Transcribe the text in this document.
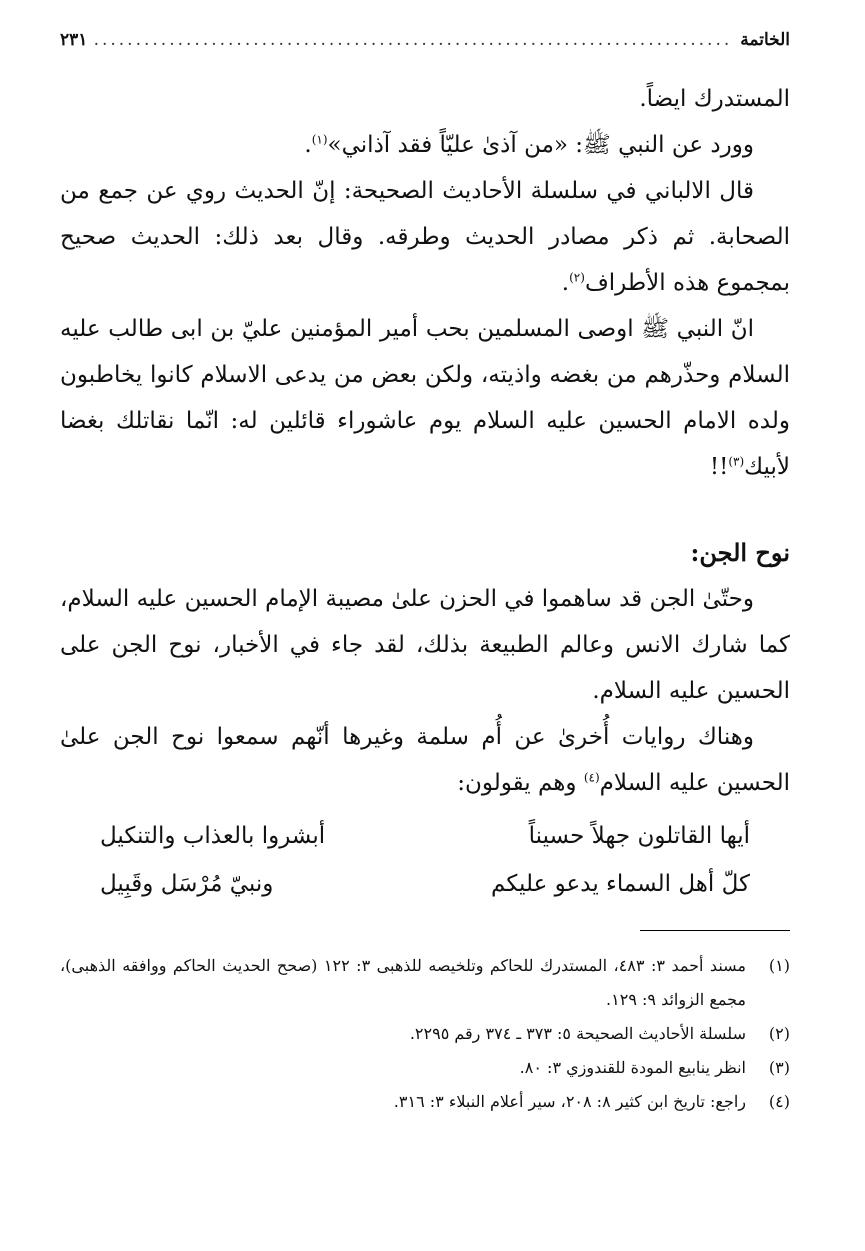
الخاتمة
.....
٢٣١

المستدرك ايضاً.

وورد عن النبي ﷺ: «من آذىٰ عليّاً فقد آذاني»$^{(١)}$.

قال الالباني في سلسلة الأحاديث الصحيحة: إنّ الحديث روي عن جمع من الصحابة. ثم ذكر مصادر الحديث وطرقه. وقال بعد ذلك: الحديث صحيح بمجموع هذه الأطراف$^{(٢)}$.

انّ النبي ﷺ اوصى المسلمين بحب أمير المؤمنين عليّ بن ابى طالب عليه السلام وحذّرهم من بغضه واذيته، ولكن بعض من يدعى الاسلام كانوا يخاطبون ولده الامام الحسين عليه السلام يوم عاشوراء قائلين له: انّما نقاتلك بغضا لأبيك$^{(٣)}$!!

نوح الجن:

وحتّىٰ الجن قد ساهموا في الحزن علىٰ مصيبة الإمام الحسين عليه السلام، كما شارك الانس وعالم الطبيعة بذلك، لقد جاء في الأخبار، نوح الجن على الحسين عليه السلام.

وهناك روايات أُخرىٰ عن أُم سلمة وغيرها أنّهم سمعوا نوح الجن علىٰ الحسين عليه السلام$^{(٤)}$ وهم يقولون:

أيها القاتلون جهلاً حسيناً
أبشروا بالعذاب والتنكيل
كلّ أهل السماء يدعو عليكم
ونبيّ مُرْسَل وقَبِيل
(١)
مسند أحمد ٣: ٤٨٣، المستدرك للحاكم وتلخيصه للذهبى ٣: ١٢٢ (صحح الحديث الحاكم ووافقه الذهبى)، مجمع الزوائد ٩: ١٢٩.
(٢)
سلسلة الأحاديث الصحيحة ٥: ٣٧٣ ـ ٣٧٤ رقم ٢٢٩٥.
(٣)
انظر ينابيع المودة للقندوزي ٣: ٨٠.
(٤)
راجع: تاريخ ابن كثير ٨: ٢٠٨، سير أعلام النبلاء ٣: ٣١٦.
